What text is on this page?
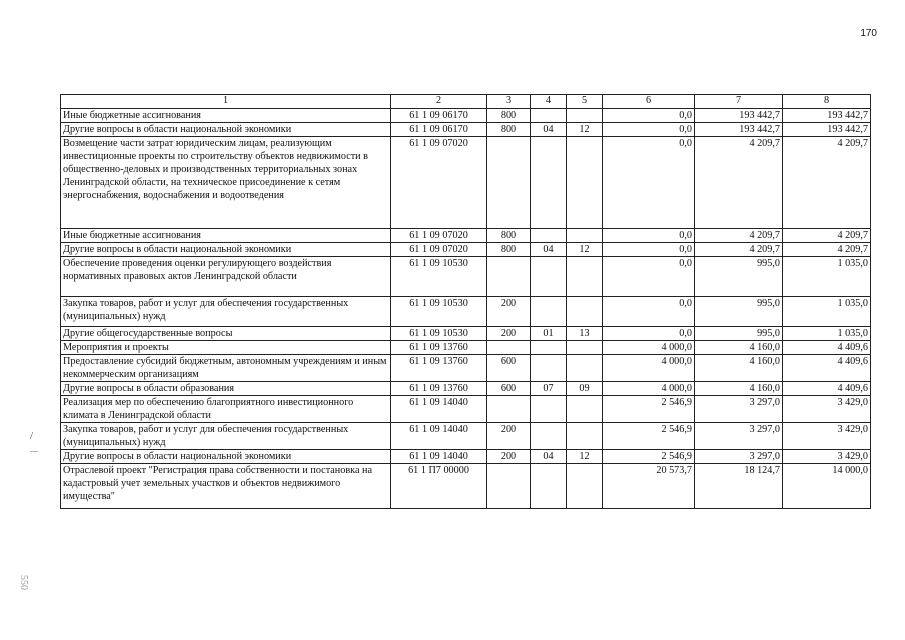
170
/
—
550
1	2	3	4	5	6	7	8
Иные бюджетные ассигнования	61 1 09 06170	800			0,0	193 442,7	193 442,7
Другие вопросы в области национальной экономики	61 1 09 06170	800	04	12	0,0	193 442,7	193 442,7
Возмещение части затрат юридическим лицам, реализующим инвестиционные проекты по строительству объектов недвижимости в общественно-деловых и производственных территориальных зонах Ленинградской области, на техническое присоединение к сетям энергоснабжения, водоснабжения и водоотведения	61 1 09 07020				0,0	4 209,7	4 209,7
Иные бюджетные ассигнования	61 1 09 07020	800			0,0	4 209,7	4 209,7
Другие вопросы в области национальной экономики	61 1 09 07020	800	04	12	0,0	4 209,7	4 209,7
Обеспечение проведения оценки регулирующего воздействия нормативных правовых актов Ленинградской области	61 1 09 10530				0,0	995,0	1 035,0
Закупка товаров, работ и услуг для обеспечения государственных (муниципальных) нужд	61 1 09 10530	200			0,0	995,0	1 035,0
Другие общегосударственные вопросы	61 1 09 10530	200	01	13	0,0	995,0	1 035,0
Мероприятия и проекты	61 1 09 13760				4 000,0	4 160,0	4 409,6
Предоставление субсидий бюджетным, автономным учреждениям и иным некоммерческим организациям	61 1 09 13760	600			4 000,0	4 160,0	4 409,6
Другие вопросы в области образования	61 1 09 13760	600	07	09	4 000,0	4 160,0	4 409,6
Реализация мер по обеспечению благоприятного инвестиционного климата в Ленинградской области	61 1 09 14040				2 546,9	3 297,0	3 429,0
Закупка товаров, работ и услуг для обеспечения государственных (муниципальных) нужд	61 1 09 14040	200			2 546,9	3 297,0	3 429,0
Другие вопросы в области национальной экономики	61 1 09 14040	200	04	12	2 546,9	3 297,0	3 429,0
Отраслевой проект "Регистрация права собственности и постановка на кадастровый учет земельных участков и объектов недвижимого имущества"	61 1 П7 00000				20 573,7	18 124,7	14 000,0
